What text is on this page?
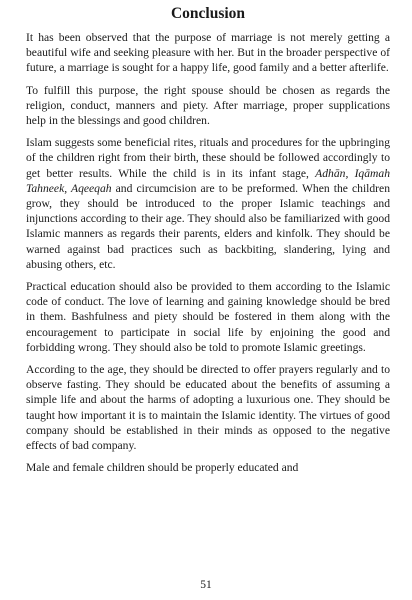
Conclusion

It has been observed that the purpose of marriage is not merely getting a beautiful wife and seeking pleasure with her. But in the broader perspective of future, a marriage is sought for a happy life, good family and a better afterlife.

To fulfill this purpose, the right spouse should be chosen as regards the religion, conduct, manners and piety. After marriage, proper supplications help in the blessings and good children.

Islam suggests some beneficial rites, rituals and procedures for the upbringing of the children right from their birth, these should be followed accordingly to get better results. While the child is in its infant stage, Adhān, Iqāmah Tahneek, Aqeeqah and circumcision are to be preformed. When the children grow, they should be introduced to the proper Islamic teachings and injunctions according to their age. They should also be familiarized with good Islamic manners as regards their parents, elders and kinfolk. They should be warned against bad practices such as backbiting, slandering, lying and abusing others, etc.

Practical education should also be provided to them according to the Islamic code of conduct. The love of learning and gaining knowledge should be bred in them. Bashfulness and piety should be fostered in them along with the encouragement to participate in social life by enjoining the good and forbidding wrong. They should also be told to promote Islamic greetings.

According to the age, they should be directed to offer prayers regularly and to observe fasting. They should be educated about the benefits of assuming a simple life and about the harms of adopting a luxurious one. They should be taught how important it is to maintain the Islamic identity. The virtues of good company should be established in their minds as opposed to the negative effects of bad company.

Male and female children should be properly educated and

51
